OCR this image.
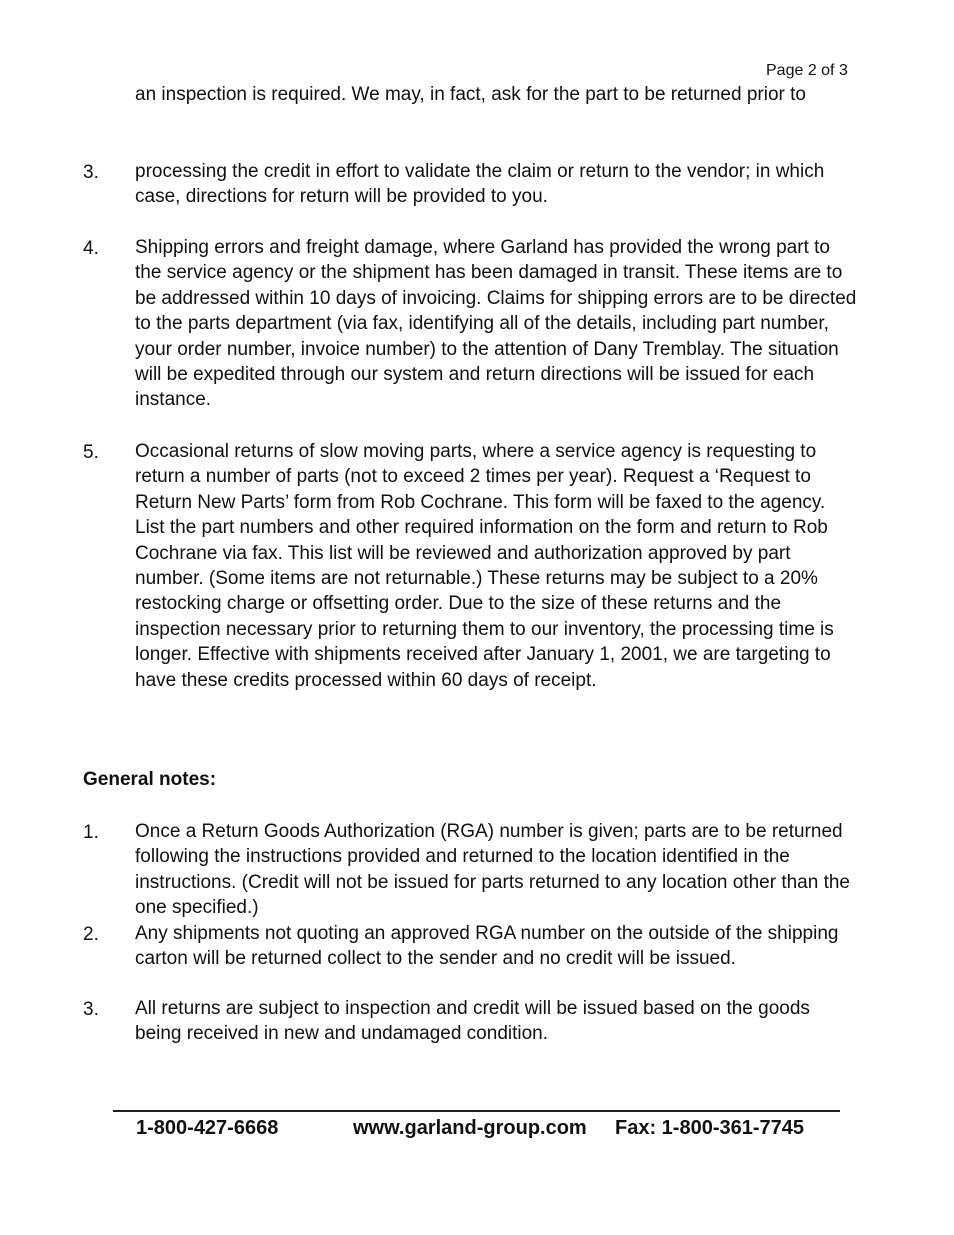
Page 2 of 3

an inspection is required. We may, in fact, ask for the part to be returned prior to

3. processing the credit in effort to validate the claim or return to the vendor; in which case, directions for return will be provided to you.

4. Shipping errors and freight damage, where Garland has provided the wrong part to the service agency or the shipment has been damaged in transit. These items are to be addressed within 10 days of invoicing. Claims for shipping errors are to be directed to the parts department (via fax, identifying all of the details, including part number, your order number, invoice number) to the attention of Dany Tremblay. The situation will be expedited through our system and return directions will be issued for each instance.

5. Occasional returns of slow moving parts, where a service agency is requesting to return a number of parts (not to exceed 2 times per year). Request a ‘Request to Return New Parts’ form from Rob Cochrane. This form will be faxed to the agency. List the part numbers and other required information on the form and return to Rob Cochrane via fax. This list will be reviewed and authorization approved by part number. (Some items are not returnable.) These returns may be subject to a 20% restocking charge or offsetting order. Due to the size of these returns and the inspection necessary prior to returning them to our inventory, the processing time is longer. Effective with shipments received after January 1, 2001, we are targeting to have these credits processed within 60 days of receipt.

General notes:
1. Once a Return Goods Authorization (RGA) number is given; parts are to be returned following the instructions provided and returned to the location identified in the instructions. (Credit will not be issued for parts returned to any location other than the one specified.)

2. Any shipments not quoting an approved RGA number on the outside of the shipping carton will be returned collect to the sender and no credit will be issued.

3. All returns are subject to inspection and credit will be issued based on the goods being received in new and undamaged condition.

1-800-427-6668	www.garland-group.com Fax: 1-800-361-7745
